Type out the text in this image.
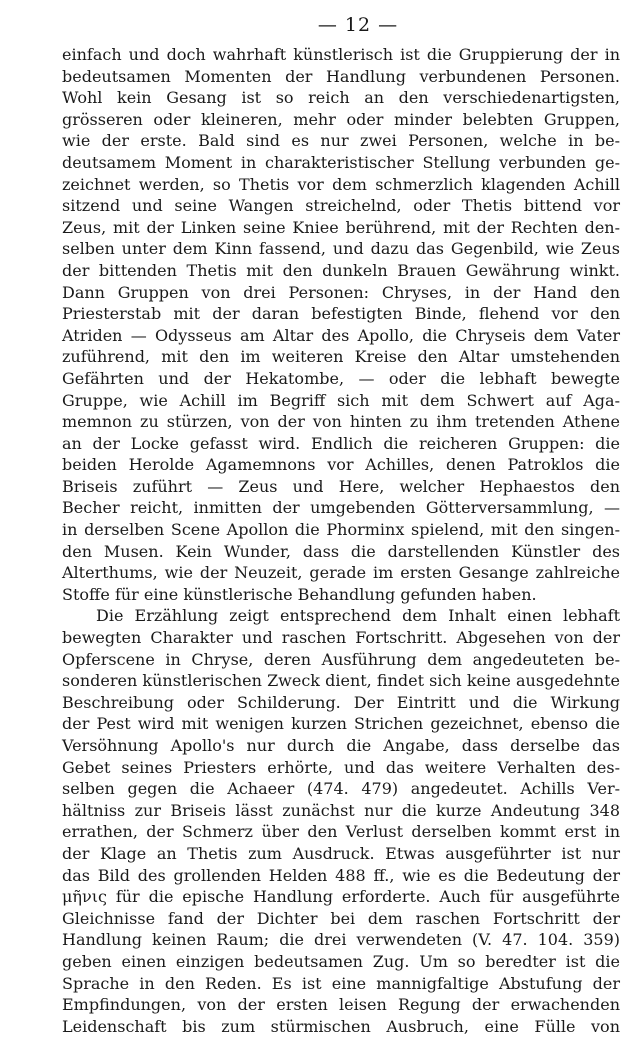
— 12 —
einfach und doch wahrhaft künstlerisch ist die Gruppierung der in
bedeutsamen Momenten der Handlung verbundenen Personen.
Wohl kein Gesang ist so reich an den verschiedenartigsten,
grösseren oder kleineren, mehr oder minder belebten Gruppen,
wie der erste. Bald sind es nur zwei Personen, welche in be-
deutsamem Moment in charakteristischer Stellung verbunden ge-
zeichnet werden, so Thetis vor dem schmerzlich klagenden Achill
sitzend und seine Wangen streichelnd, oder Thetis bittend vor
Zeus, mit der Linken seine Kniee berührend, mit der Rechten den-
selben unter dem Kinn fassend, und dazu das Gegenbild, wie Zeus
der bittenden Thetis mit den dunkeln Brauen Gewährung winkt.
Dann Gruppen von drei Personen: Chryses, in der Hand den
Priesterstab mit der daran befestigten Binde, flehend vor den
Atriden — Odysseus am Altar des Apollo, die Chryseis dem Vater
zuführend, mit den im weiteren Kreise den Altar umstehenden
Gefährten und der Hekatombe, — oder die lebhaft bewegte
Gruppe, wie Achill im Begriff sich mit dem Schwert auf Aga-
memnon zu stürzen, von der von hinten zu ihm tretenden Athene
an der Locke gefasst wird. Endlich die reicheren Gruppen: die
beiden Herolde Agamemnons vor Achilles, denen Patroklos die
Briseis zuführt — Zeus und Here, welcher Hephaestos den
Becher reicht, inmitten der umgebenden Götterversammlung, —
in derselben Scene Apollon die Phorminx spielend, mit den singen-
den Musen. Kein Wunder, dass die darstellenden Künstler des
Alterthums, wie der Neuzeit, gerade im ersten Gesange zahlreiche
Stoffe für eine künstlerische Behandlung gefunden haben.
Die Erzählung zeigt entsprechend dem Inhalt einen lebhaft
bewegten Charakter und raschen Fortschritt. Abgesehen von der
Opferscene in Chryse, deren Ausführung dem angedeuteten be-
sonderen künstlerischen Zweck dient, findet sich keine ausgedehnte
Beschreibung oder Schilderung. Der Eintritt und die Wirkung
der Pest wird mit wenigen kurzen Strichen gezeichnet, ebenso die
Versöhnung Apollo's nur durch die Angabe, dass derselbe das
Gebet seines Priesters erhörte, und das weitere Verhalten des-
selben gegen die Achaeer (474. 479) angedeutet. Achills Ver-
hältniss zur Briseis lässt zunächst nur die kurze Andeutung 348
errathen, der Schmerz über den Verlust derselben kommt erst in
der Klage an Thetis zum Ausdruck. Etwas ausgeführter ist nur
das Bild des grollenden Helden 488 ff., wie es die Bedeutung der
μῆνις für die epische Handlung erforderte. Auch für ausgeführte
Gleichnisse fand der Dichter bei dem raschen Fortschritt der
Handlung keinen Raum; die drei verwendeten (V. 47. 104. 359)
geben einen einzigen bedeutsamen Zug. Um so beredter ist die
Sprache in den Reden. Es ist eine mannigfaltige Abstufung der
Empfindungen, von der ersten leisen Regung der erwachenden
Leidenschaft bis zum stürmischen Ausbruch, eine Fülle von
